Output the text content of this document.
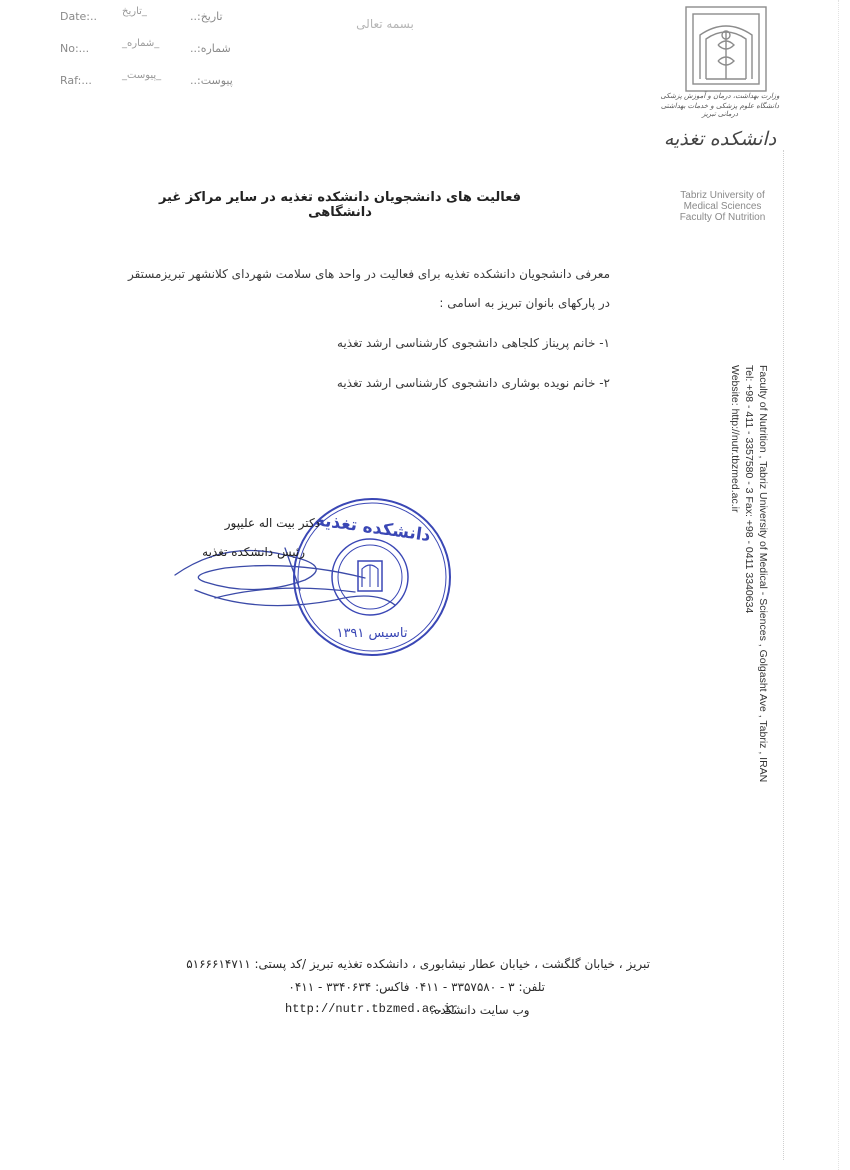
Date:..	_تاریخ	تاریخ:..
No:...	_شماره_	شماره:..
Raf:...	_پیوست_	پیوست:..
بسمه تعالی
وزارت بهداشت، درمان و آموزش پزشکی
دانشگاه علوم پزشکی و خدمات بهداشتی درمانی تبریز
دانشکده تغذیه
Tabriz University of
Medical Sciences
Faculty Of Nutrition
Faculty of Nutrition , Tabriz University of Medical - Sciences , Golgasht Ave , Tabriz , IRAN
Tel: +98 - 411 - 3357580 - 3 Fax: +98 - 0411 3340634
Website: http://nutr.tbzmed.ac.ir
فعالیت های دانشجویان دانشکده تغذیه در سایر مراکز غیر دانشگاهی
معرفی دانشجویان دانشکده تغذیه برای فعالیت در واحد های سلامت شهردای کلانشهر تبریزمستقر
در پارکهای بانوان تبریز به اسامی :
۱- خانم پریناز کلجاهی دانشجوی کارشناسی ارشد تغذیه
۲- خانم نویده بوشاری دانشجوی کارشناسی ارشد تغذیه
دانشکده تغذیه
تاسیس ۱۳۹۱
دکتر بیت اله علیپور
رئیس دانشکده تغذیه
تبریز ، خیابان گلگشت ، خیابان عطار نیشابوری ، دانشکده تغذیه تبریز /کد پستی: ۵۱۶۶۶۱۴۷۱۱
تلفن: ۳ - ۳۳۵۷۵۸۰ - ۰۴۱۱ فاکس: ۳۳۴۰۶۳۴ - ۰۴۱۱
وب سایت دانشکده:
http://nutr.tbzmed.ac.ir
